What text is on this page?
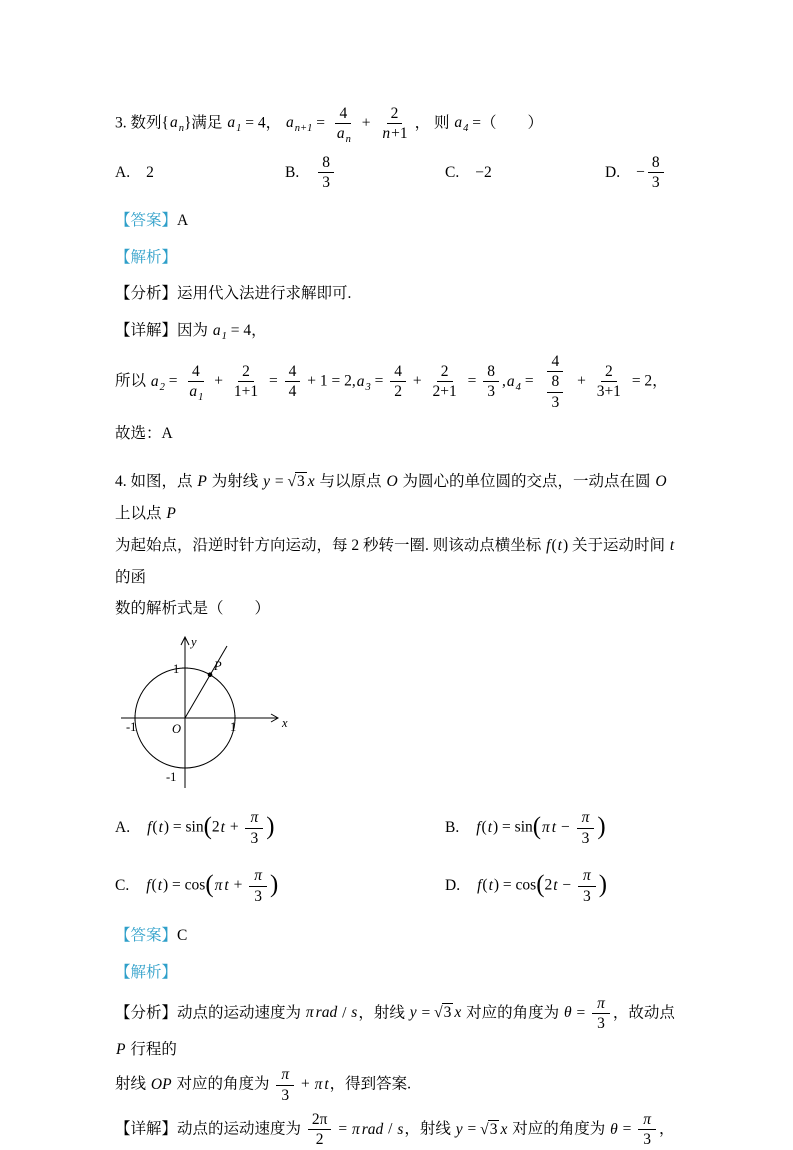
3. 数列$\{a_n\}$满足 $a_1 = 4$， $a_{n+1} = \frac{4}{a_n} + \frac{2}{n+1}$ ， 则 $a_4$ =（　　）

A. 2	B. $\frac{8}{3}$	C. −2	D. − $\frac{8}{3}$

【答案】A

【解析】

【分析】运用代入法进行求解即可.

【详解】因为 $a_1 = 4$，

所以 $a_2 = \frac{4}{a_1} + \frac{2}{1+1} = \frac{4}{4} + 1 = 2,a_3 = \frac{4}{2} + \frac{2}{2+1} = \frac{8}{3} ,a_4 = \frac{4}{\frac{8}{3}} + \frac{2}{3+1} = 2$，

故选：A

4. 如图，点 P 为射线 y = √ 3 x 与以原点 O 为圆心的单位圆的交点，一动点在圆 O 上以点 P
为起始点，沿逆时针方向运动，每 2 秒转一圈. 则该动点横坐标 f(t) 关于运动时间 t 的函
数的解析式是（　　）

y
x
O
P
1
-1
-1	1
A. $f(t) = \sin(2t + \frac{\pi}{3}$ )	B. f(t) = sin(π $t - \frac{\pi}{3}$ )
C. f(t) = cos(π $t + \frac{\pi}{3}$ )	D. $f(t) = \cos(2t - \frac{\pi}{3}$ )

【答案】C

【解析】

【分析】动点的运动速度为 π rad / s，射线 y = √ 3 x 对应的角度为 $\theta = \frac{\pi}{3}$ ，故动点 P 行程的
射线 OP 对应的角度为 $\frac{\pi}{3} + \pi$ t，得到答案.

【详解】动点的运动速度为 $\frac{2\pi}{2} = \pi$ rad / s，射线 y = √ 3 x 对应的角度为 $\theta = \frac{\pi}{3}$ ，
